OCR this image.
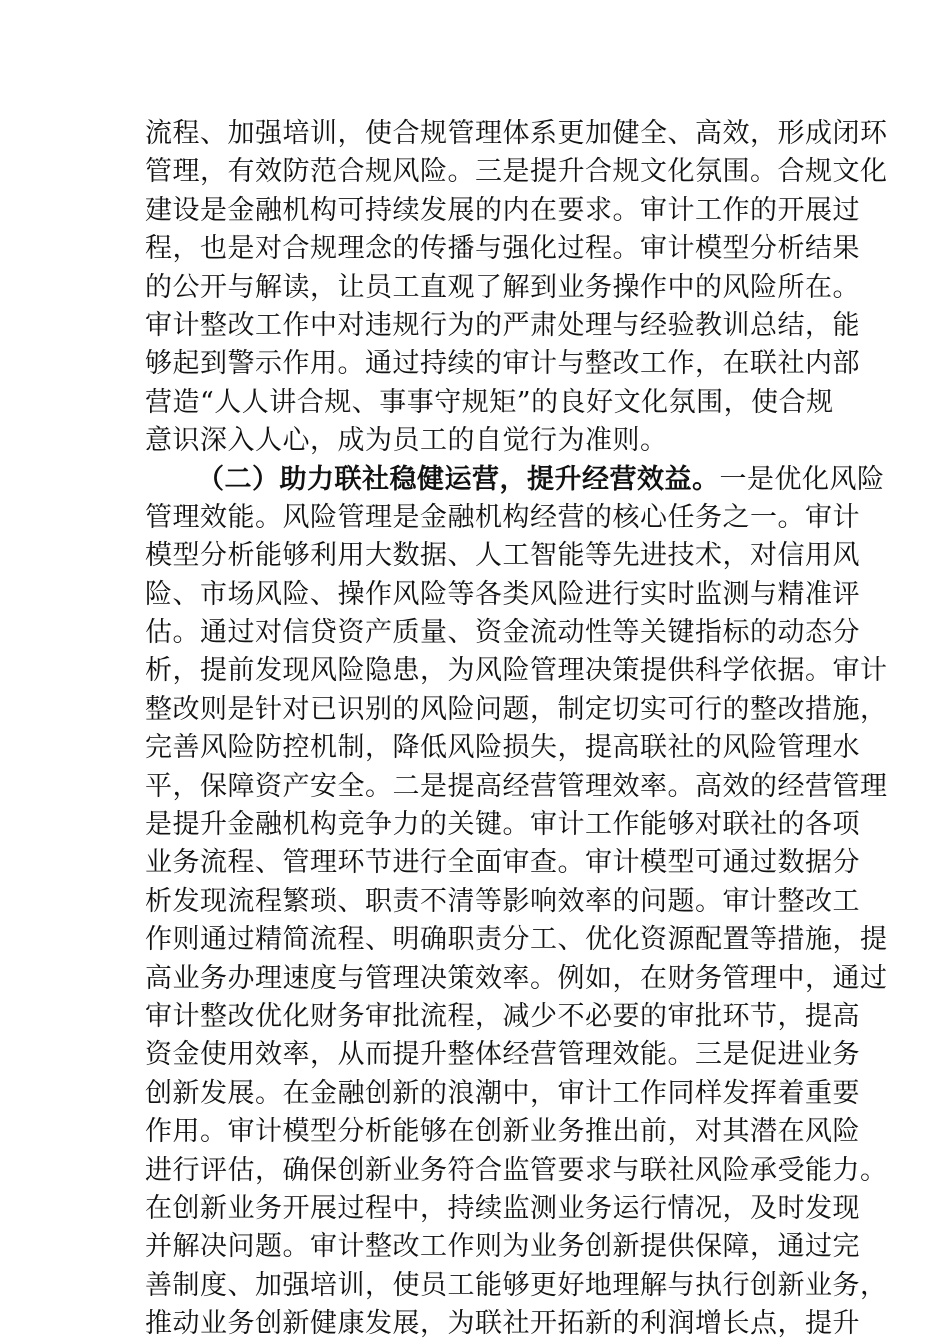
流程、加强培训，使合规管理体系更加健全、高效，形成闭环
管理，有效防范合规风险。三是提升合规文化氛围。合规文化
建设是金融机构可持续发展的内在要求。审计工作的开展过
程，也是对合规理念的传播与强化过程。审计模型分析结果
的公开与解读，让员工直观了解到业务操作中的风险所在。
审计整改工作中对违规行为的严肃处理与经验教训总结，能
够起到警示作用。通过持续的审计与整改工作，在联社内部
营造“人人讲合规、事事守规矩”的良好文化氛围，使合规
意识深入人心，成为员工的自觉行为准则。
（二）助力联社稳健运营，提升经营效益。一是优化风险
管理效能。风险管理是金融机构经营的核心任务之一。审计
模型分析能够利用大数据、人工智能等先进技术，对信用风
险、市场风险、操作风险等各类风险进行实时监测与精准评
估。通过对信贷资产质量、资金流动性等关键指标的动态分
析，提前发现风险隐患，为风险管理决策提供科学依据。审计
整改则是针对已识别的风险问题，制定切实可行的整改措施，
完善风险防控机制，降低风险损失，提高联社的风险管理水
平，保障资产安全。二是提高经营管理效率。高效的经营管理
是提升金融机构竞争力的关键。审计工作能够对联社的各项
业务流程、管理环节进行全面审查。审计模型可通过数据分
析发现流程繁琐、职责不清等影响效率的问题。审计整改工
作则通过精简流程、明确职责分工、优化资源配置等措施，提
高业务办理速度与管理决策效率。例如，在财务管理中，通过
审计整改优化财务审批流程，减少不必要的审批环节，提高
资金使用效率，从而提升整体经营管理效能。三是促进业务
创新发展。在金融创新的浪潮中，审计工作同样发挥着重要
作用。审计模型分析能够在创新业务推出前，对其潜在风险
进行评估，确保创新业务符合监管要求与联社风险承受能力。
在创新业务开展过程中，持续监测业务运行情况，及时发现
并解决问题。审计整改工作则为业务创新提供保障，通过完
善制度、加强培训，使员工能够更好地理解与执行创新业务，
推动业务创新健康发展，为联社开拓新的利润增长点，提升
